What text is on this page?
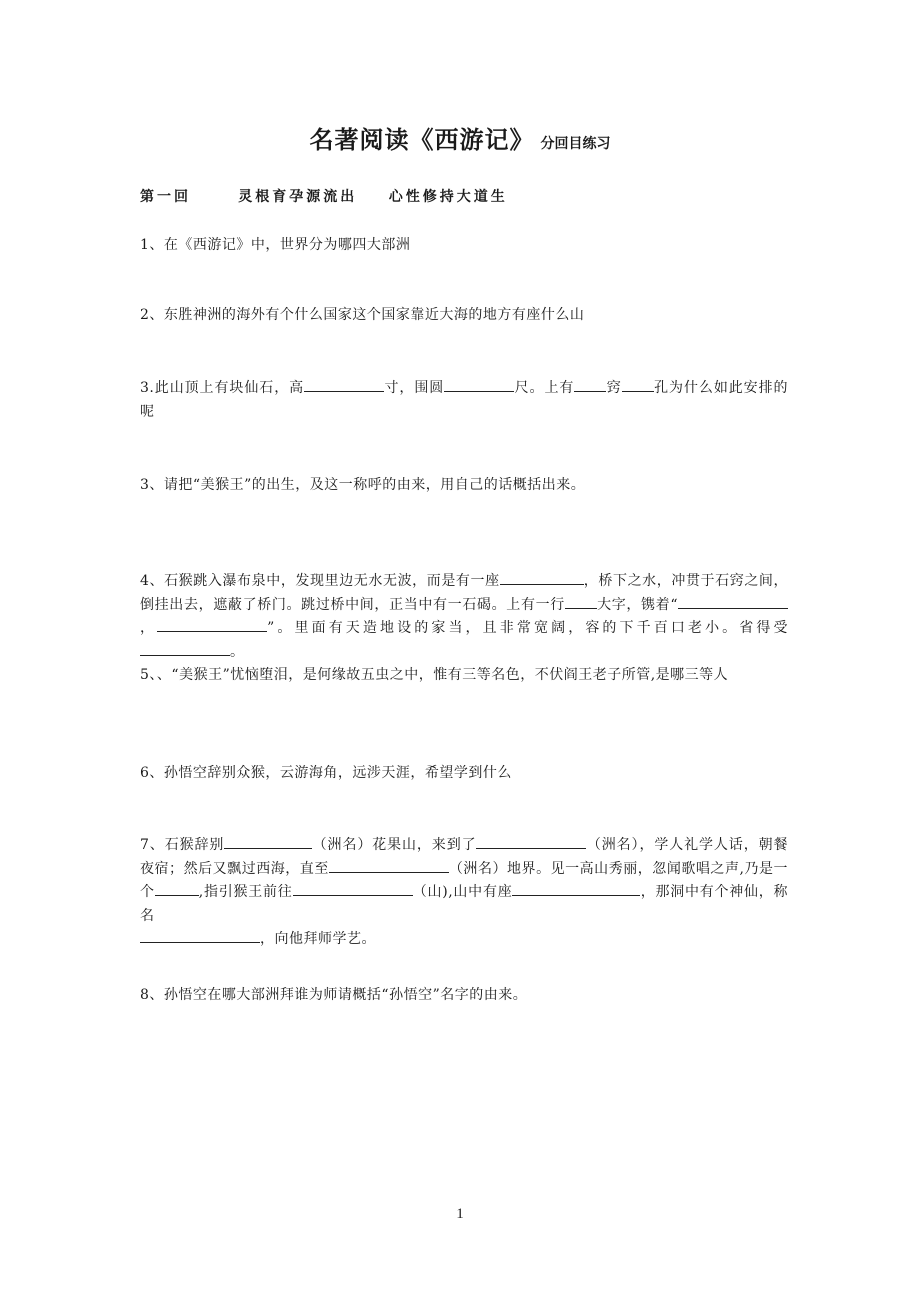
名著阅读《西游记》 分回目练习
第一回      灵根育孕源流出    心性修持大道生
1、在《西游记》中，世界分为哪四大部洲
2、东胜神洲的海外有个什么国家这个国家靠近大海的地方有座什么山
3.此山顶上有块仙石，高	寸，围圆	尺。上有 窍 孔为什么如此安排的呢
3、请把“美猴王”的出生，及这一称呼的由来，用自己的话概括出来。
4、石猴跳入瀑布泉中，发现里边无水无波，而是有一座	，桥下之水，冲贯于石窍之间，倒挂出去，遮蔽了桥门。跳过桥中间，正当中有一石碣。上有一行 大字，镌着“，	”。里面有天造地设的家当，且非常宽阔，容的下千百口老小。省得受。
5、、“美猴王”忧恼堕泪，是何缘故五虫之中，惟有三等名色，不伏阎王老子所管,是哪三等人
6、孙悟空辞别众猴，云游海角，远涉天涯，希望学到什么
7、石猴辞别	（洲名）花果山，来到了	（洲名），学人礼学人话，朝餐夜宿；然后又飘过西海，直至	（洲名）地界。见一高山秀丽，忽闻歌唱之声,乃是一个	,指引猴王前往	（山),山中有座	，那洞中有个神仙，称名
，向他拜师学艺。
8、孙悟空在哪大部洲拜谁为师请概括“孙悟空”名字的由来。
1
